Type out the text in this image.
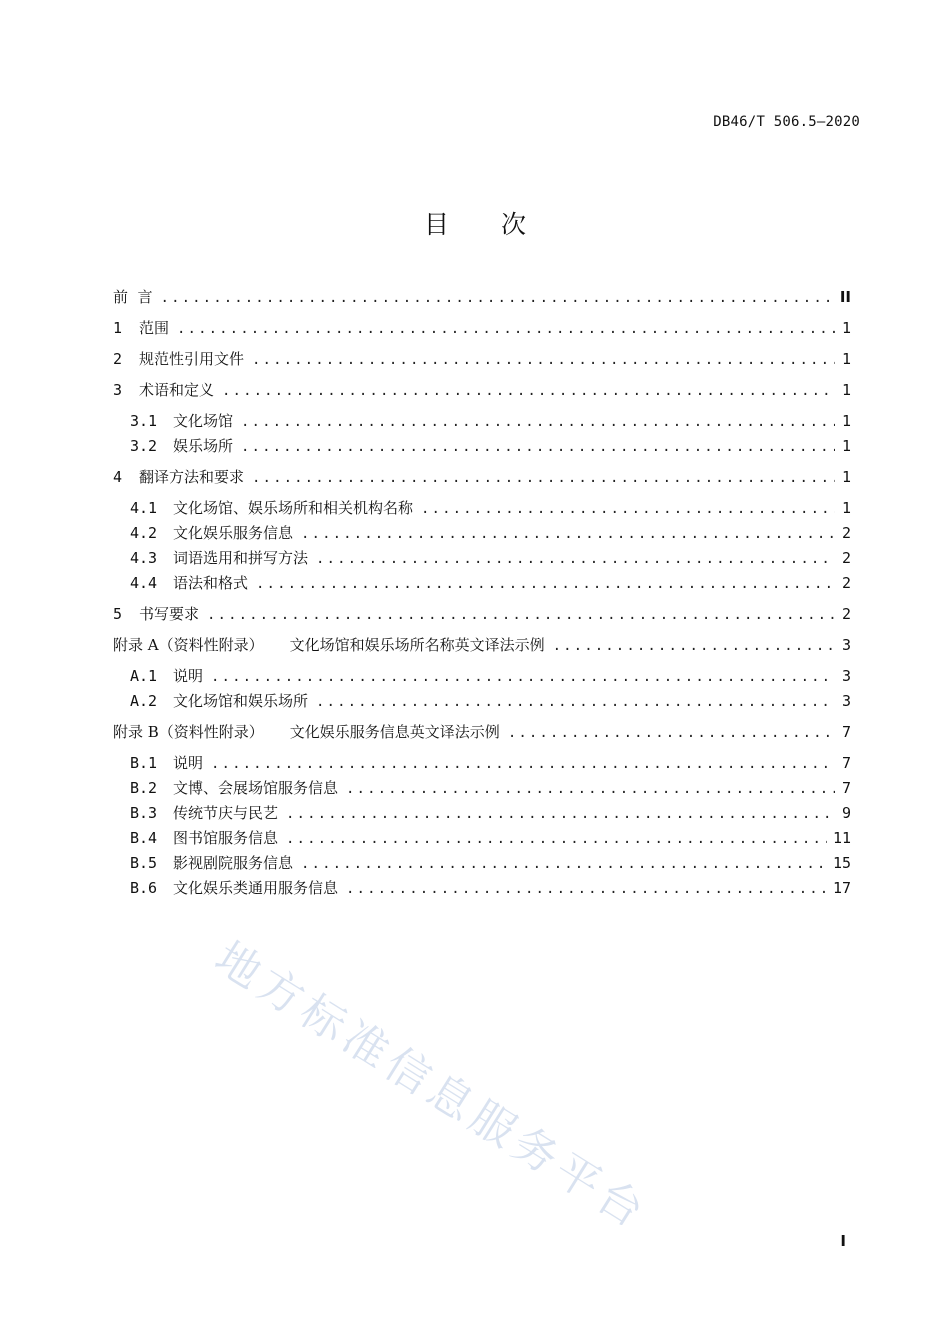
DB46/T 506.5—2020
目 次
前  言 .....	II
1	范围 .....	1
2	规范性引用文件 .....	1
3	术语和定义 .....	1
3.1	文化场馆 .....	1
3.2	娱乐场所 .....	1
4	翻译方法和要求 .....	1
4.1	文化场馆、娱乐场所和相关机构名称 .....	1
4.2	文化娱乐服务信息 .....	2
4.3	词语选用和拼写方法 .....	2
4.4	语法和格式 .....	2
5	书写要求 .....	2
附录 A（资料性附录） 文化场馆和娱乐场所名称英文译法示例 .....	3
A.1	说明 .....	3
A.2	文化场馆和娱乐场所 .....	3
附录 B（资料性附录） 文化娱乐服务信息英文译法示例 .....	7
B.1	说明 .....	7
B.2	文博、会展场馆服务信息 .....	7
B.3	传统节庆与民艺 .....	9
B.4	图书馆服务信息 .....	11
B.5	影视剧院服务信息 .....	15
B.6	文化娱乐类通用服务信息 .....	17
地方标准信息服务平台
I
